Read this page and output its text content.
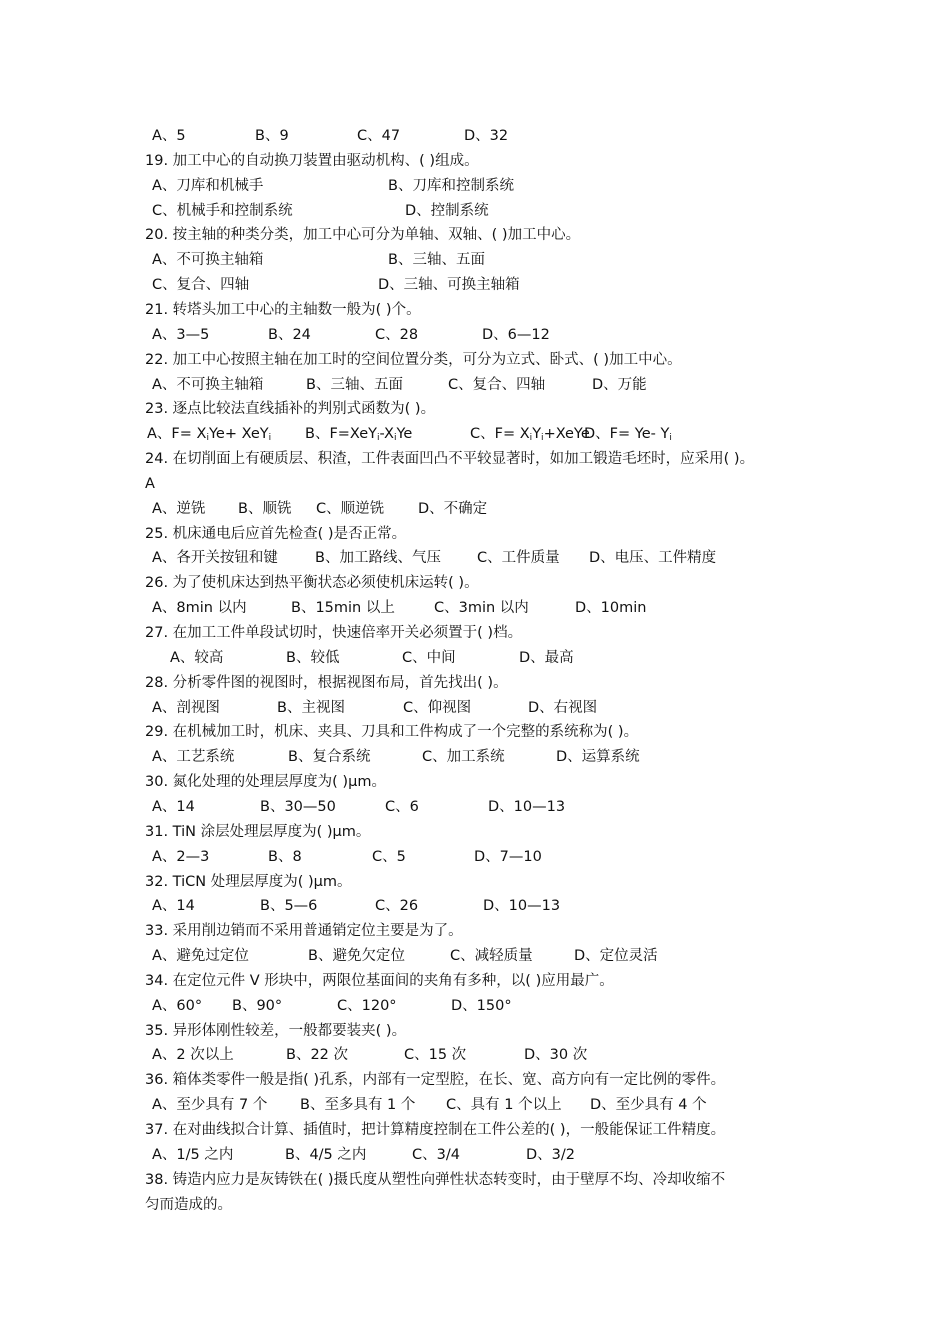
A、5	B、9	C、47	D、32
19. 加工中心的自动换刀装置由驱动机构、( )组成。
A、刀库和机械手	B、刀库和控制系统
C、机械手和控制系统	D、控制系统
20. 按主轴的种类分类，加工中心可分为单轴、双轴、( )加工中心。
A、不可换主轴箱	B、三轴、五面
C、复合、四轴	D、三轴、可换主轴箱
21. 转塔头加工中心的主轴数一般为( )个。
A、3—5	B、24	C、28	D、6—12
22. 加工中心按照主轴在加工时的空间位置分类，可分为立式、卧式、( )加工中心。
A、不可换主轴箱	B、三轴、五面	C、复合、四轴	D、万能
23. 逐点比较法直线插补的判别式函数为( )。
A、$F= X_iYe+ XeY_i$ B、$F=XeY_i-X_iYe$	C、$F= X_iY_i+XeYe$
D、F= Ye- $Y_i$
24. 在切削面上有硬质层、积渣，工件表面凹凸不平较显著时，如加工锻造毛坯时，应采用( )。
A
A、逆铣 B、顺铣 C、顺逆铣 D、不确定
25. 机床通电后应首先检查( )是否正常。
A、各开关按钮和键	B、加工路线、气压 C、工件质量 D、电压、工件精度
26. 为了使机床达到热平衡状态必须使机床运转( )。
A、8min 以内	B、15min 以上	C、3min 以内	D、10min
27. 在加工工件单段试切时，快速倍率开关必须置于( )档。
A、较高	B、较低	C、中间	D、最高
28. 分析零件图的视图时，根据视图布局，首先找出( )。
A、剖视图	B、主视图	C、仰视图	D、右视图
29. 在机械加工时，机床、夹具、刀具和工件构成了一个完整的系统称为( )。
A、工艺系统	B、复合系统	C、加工系统	D、运算系统
30. 氮化处理的处理层厚度为( )μm。
A、14	B、30—50	C、6	D、10—13
31. TiN 涂层处理层厚度为( )μm。
A、2—3	B、8	C、5	D、7—10
32. TiCN 处理层厚度为( )μm。
A、14	B、5—6	C、26	D、10—13
33. 采用削边销而不采用普通销定位主要是为了。
A、避免过定位	B、避免欠定位	C、减轻质量	D、定位灵活
34. 在定位元件 V 形块中，两限位基面间的夹角有多种，以( )应用最广。
A、60° B、90°	C、120°	D、150°
35. 异形体刚性较差，一般都要装夹( )。
A、2 次以上	B、22 次	C、15 次	D、30 次
36. 箱体类零件一般是指( )孔系，内部有一定型腔，在长、宽、高方向有一定比例的零件。
A、至少具有 7 个 B、至多具有 1 个 C、具有 1 个以上 D、至少具有 4 个
37. 在对曲线拟合计算、插值时，把计算精度控制在工件公差的( )，一般能保证工件精度。
A、1/5 之内	B、4/5 之内	C、3/4	D、3/2
38. 铸造内应力是灰铸铁在( )摄氏度从塑性向弹性状态转变时，由于壁厚不均、冷却收缩不
匀而造成的。
